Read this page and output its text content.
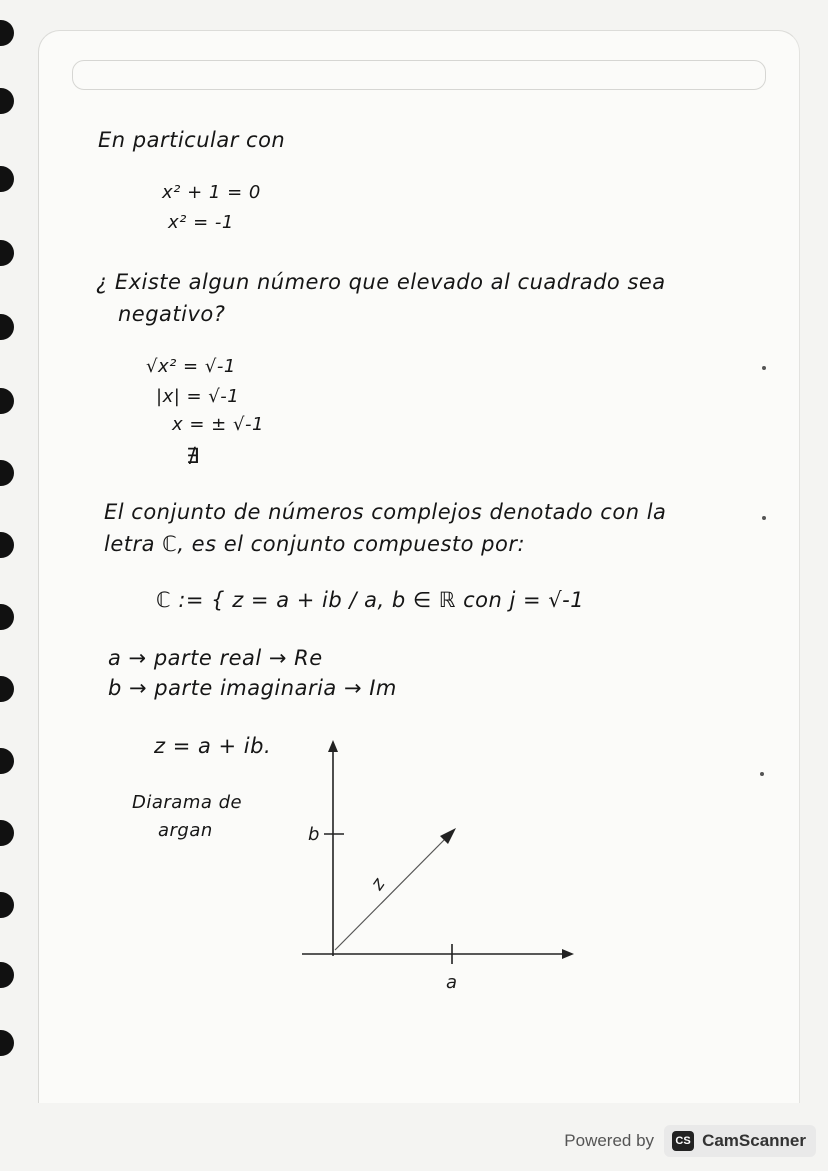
En particular con
x² + 1 = 0
x² = -1
¿ Existe algun número que elevado al cuadrado sea
negativo?
√x² = √-1
|x| = √-1
x = ± √-1
∄
El conjunto de números complejos denotado con la
letra ℂ, es el conjunto compuesto por:
ℂ := { z = a + ib / a, b ∈ ℝ con j = √-1
a → parte real → Re
b → parte imaginaria → Im
z = a + ib.
Diarama de
argan	b
a
z
Powered by	CS CamScanner
